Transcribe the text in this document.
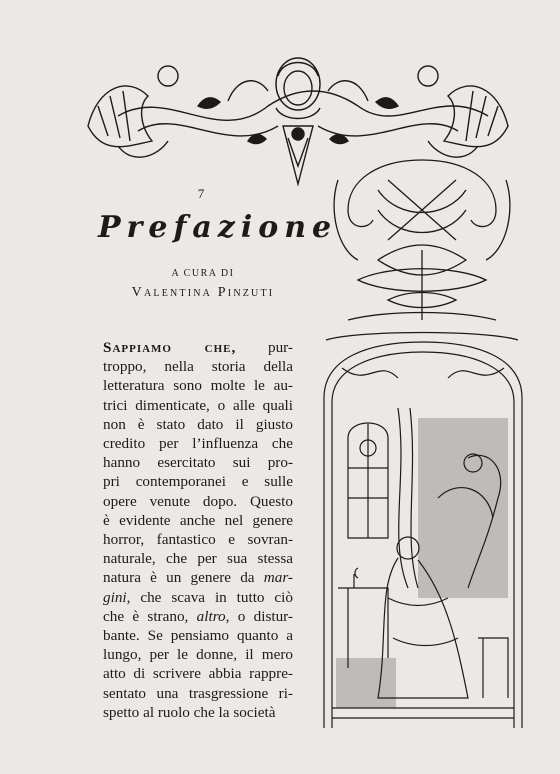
7
Prefazione
A CURA DI
Valentina Pinzuti
Sappiamo che, pur-
troppo, nella storia della
letteratura sono molte le au-
trici dimenticate, o alle quali
non è stato dato il giusto
credito per l’influenza che
hanno esercitato sui pro-
pri contemporanei e sulle
opere venute dopo. Questo
è evidente anche nel genere
horror, fantastico e sovran-
naturale, che per sua stessa
natura è un genere da mar-
gini, che scava in tutto ciò
che è strano, altro, o distur-
bante. Se pensiamo quanto a
lungo, per le donne, il mero
atto di scrivere abbia rappre-
sentato una trasgressione ri-
spetto al ruolo che la società
